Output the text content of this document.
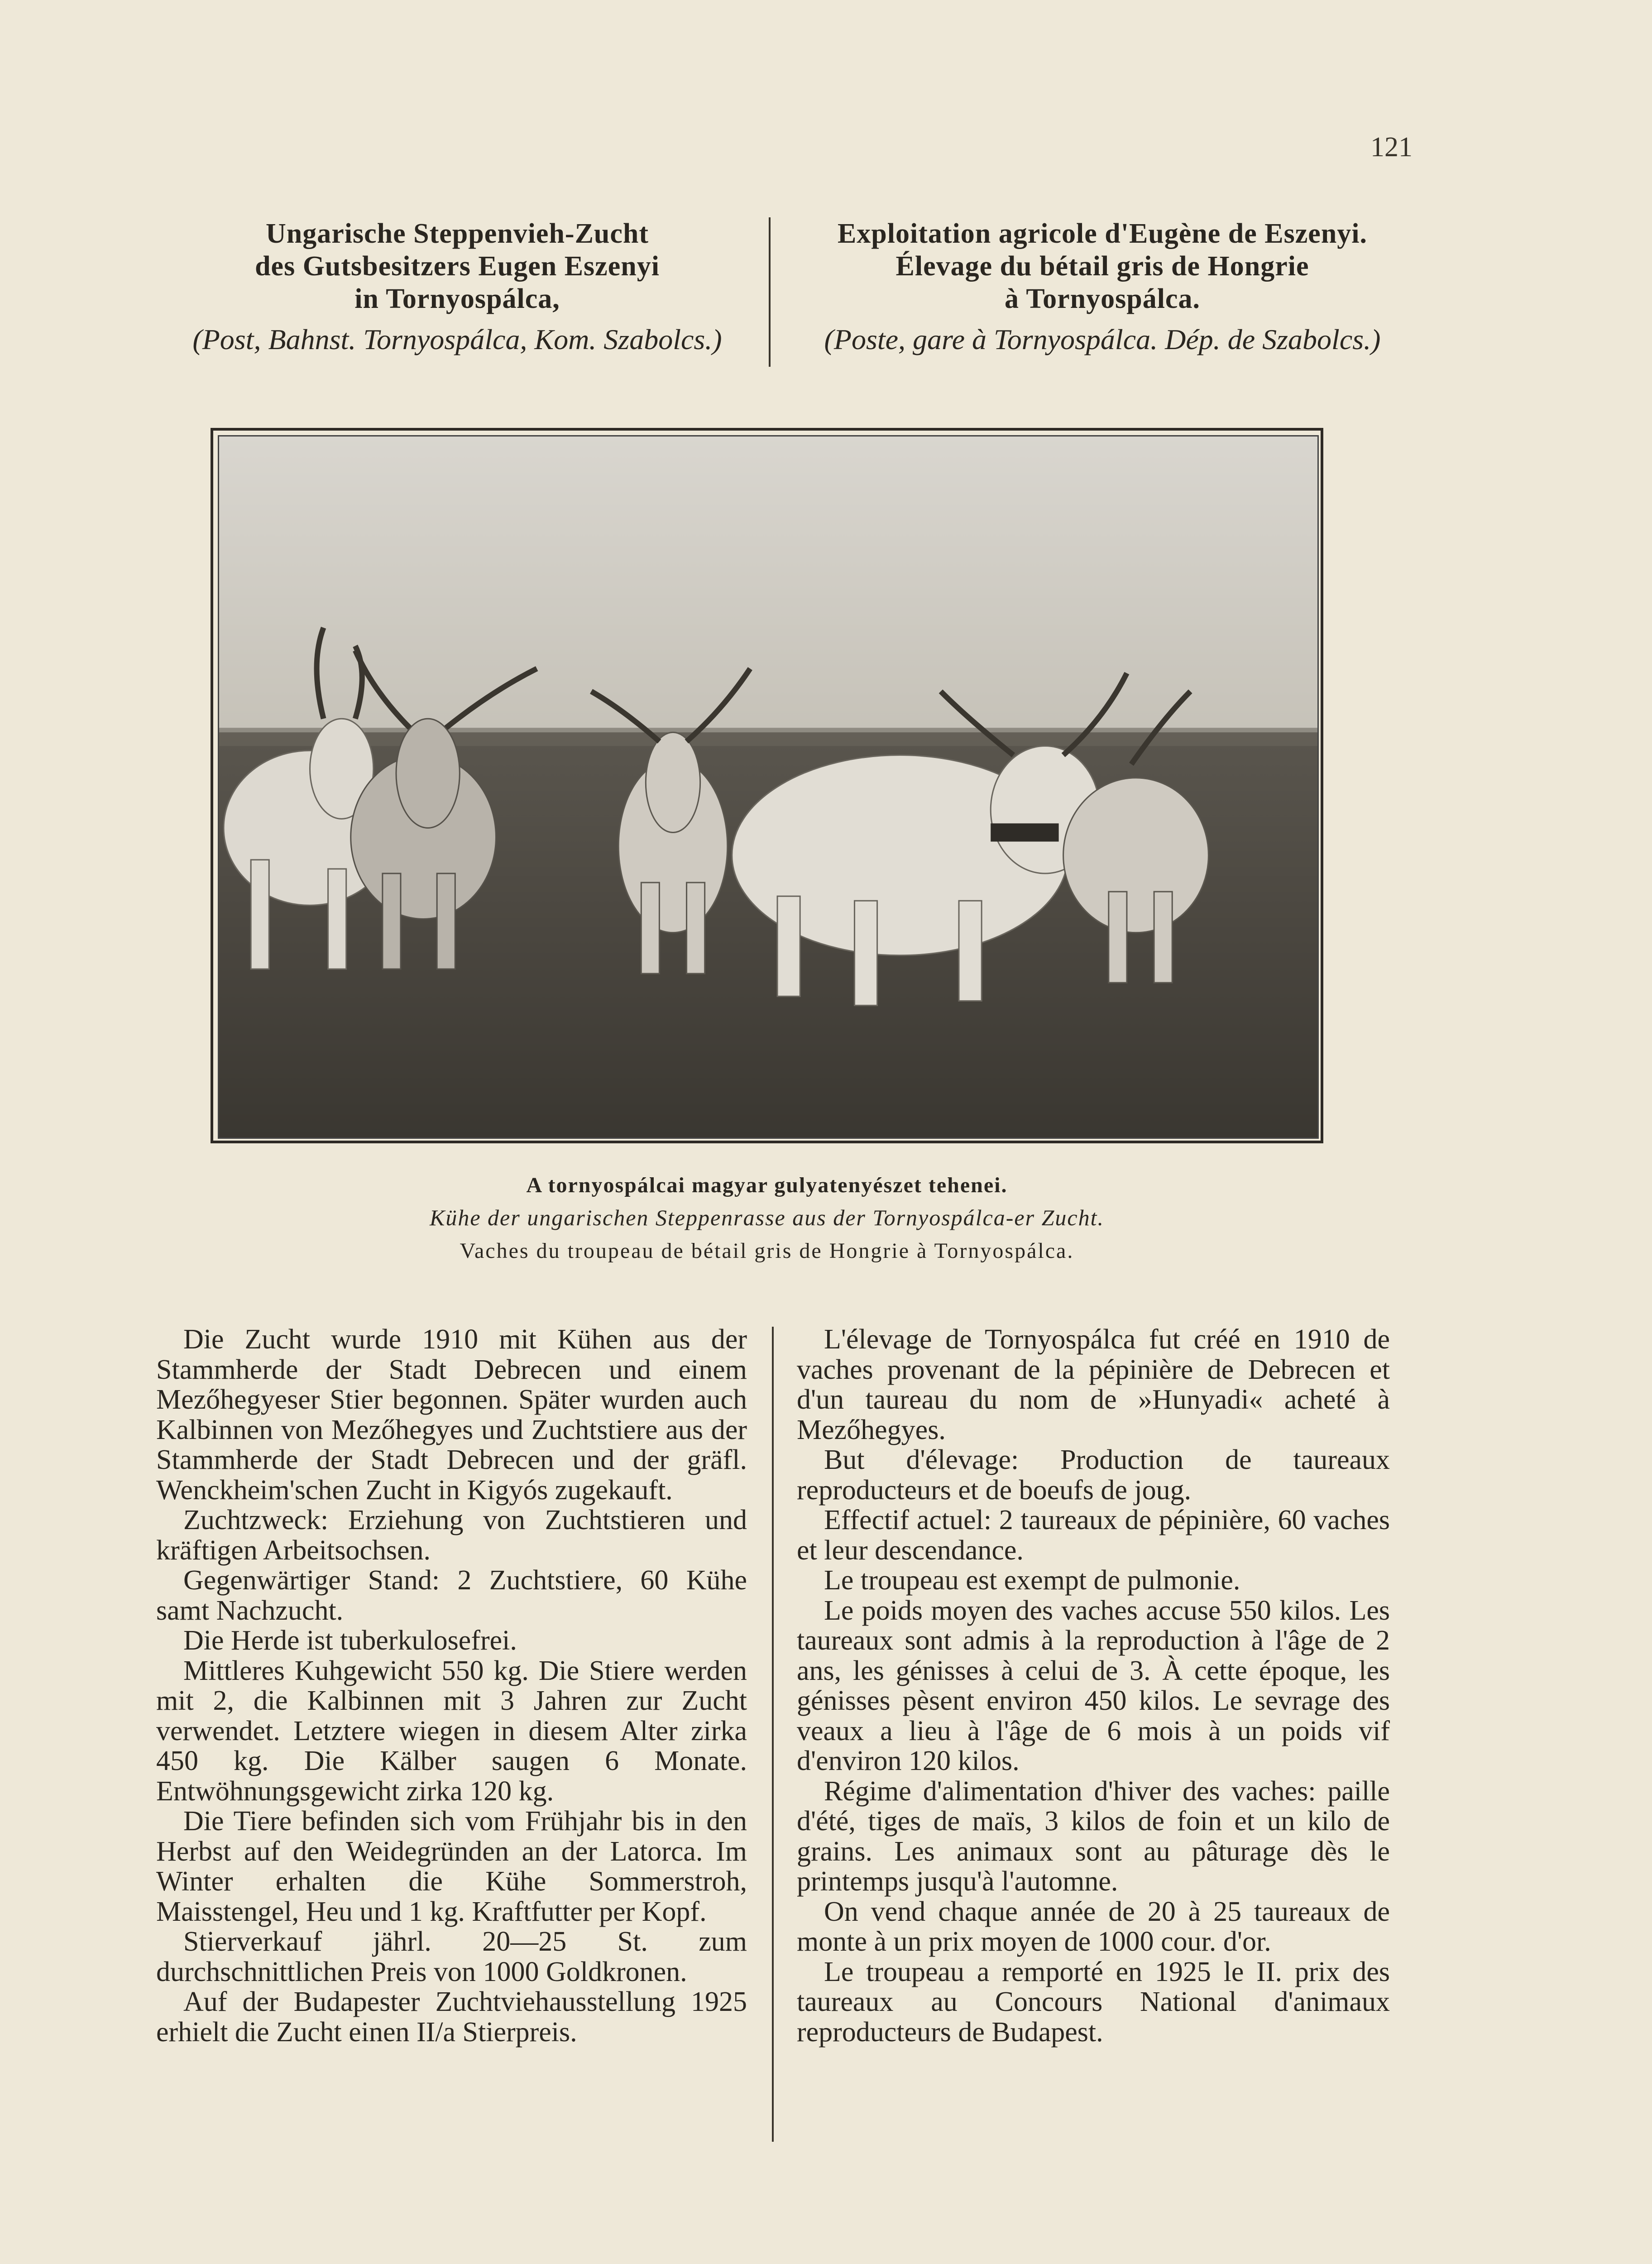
121
Ungarische Steppenvieh-Zucht
des Gutsbesitzers Eugen Eszenyi
in Tornyospálca,
(Post, Bahnst. Tornyospálca, Kom. Szabolcs.)
Exploitation agricole d'Eugène de Eszenyi.
Élevage du bétail gris de Hongrie
à Tornyospálca.
(Poste, gare à Tornyospálca. Dép. de Szabolcs.)
A tornyospálcai magyar gulyatenyészet tehenei.
Kühe der ungarischen Steppenrasse aus der Tornyospálca-er Zucht.
Vaches du troupeau de bétail gris de Hongrie à Tornyospálca.

Die Zucht wurde 1910 mit Kühen aus der Stammherde der Stadt Debrecen und einem Mezőhegyeser Stier begonnen. Später wurden auch Kalbinnen von Mezőhegyes und Zuchtstiere aus der Stammherde der Stadt Debrecen und der gräfl. Wenckheim'schen Zucht in Kigyós zugekauft.

Zuchtzweck: Erziehung von Zuchtstieren und kräftigen Arbeitsochsen.

Gegenwärtiger Stand: 2 Zuchtstiere, 60 Kühe samt Nachzucht.

Die Herde ist tuberkulosefrei.

Mittleres Kuhgewicht 550 kg. Die Stiere werden mit 2, die Kalbinnen mit 3 Jahren zur Zucht verwendet. Letztere wiegen in diesem Alter zirka 450 kg. Die Kälber saugen 6 Monate. Entwöhnungsgewicht zirka 120 kg.

Die Tiere befinden sich vom Frühjahr bis in den Herbst auf den Weidegründen an der Latorca. Im Winter erhalten die Kühe Sommerstroh, Maisstengel, Heu und 1 kg. Kraftfutter per Kopf.

Stierverkauf jährl. 20—25 St. zum durchschnittlichen Preis von 1000 Goldkronen.

Auf der Budapester Zuchtviehausstellung 1925 erhielt die Zucht einen II/a Stierpreis.

L'élevage de Tornyospálca fut créé en 1910 de vaches provenant de la pépinière de Debrecen et d'un taureau du nom de »Hunyadi« acheté à Mezőhegyes.

But d'élevage: Production de taureaux reproducteurs et de boeufs de joug.

Effectif actuel: 2 taureaux de pépinière, 60 vaches et leur descendance.

Le troupeau est exempt de pulmonie.

Le poids moyen des vaches accuse 550 kilos. Les taureaux sont admis à la reproduction à l'âge de 2 ans, les génisses à celui de 3. À cette époque, les génisses pèsent environ 450 kilos. Le sevrage des veaux a lieu à l'âge de 6 mois à un poids vif d'environ 120 kilos.

Régime d'alimentation d'hiver des vaches: paille d'été, tiges de maïs, 3 kilos de foin et un kilo de grains. Les animaux sont au pâturage dès le printemps jusqu'à l'automne.

On vend chaque année de 20 à 25 taureaux de monte à un prix moyen de 1000 cour. d'or.

Le troupeau a remporté en 1925 le II. prix des taureaux au Concours National d'animaux reproducteurs de Budapest.
